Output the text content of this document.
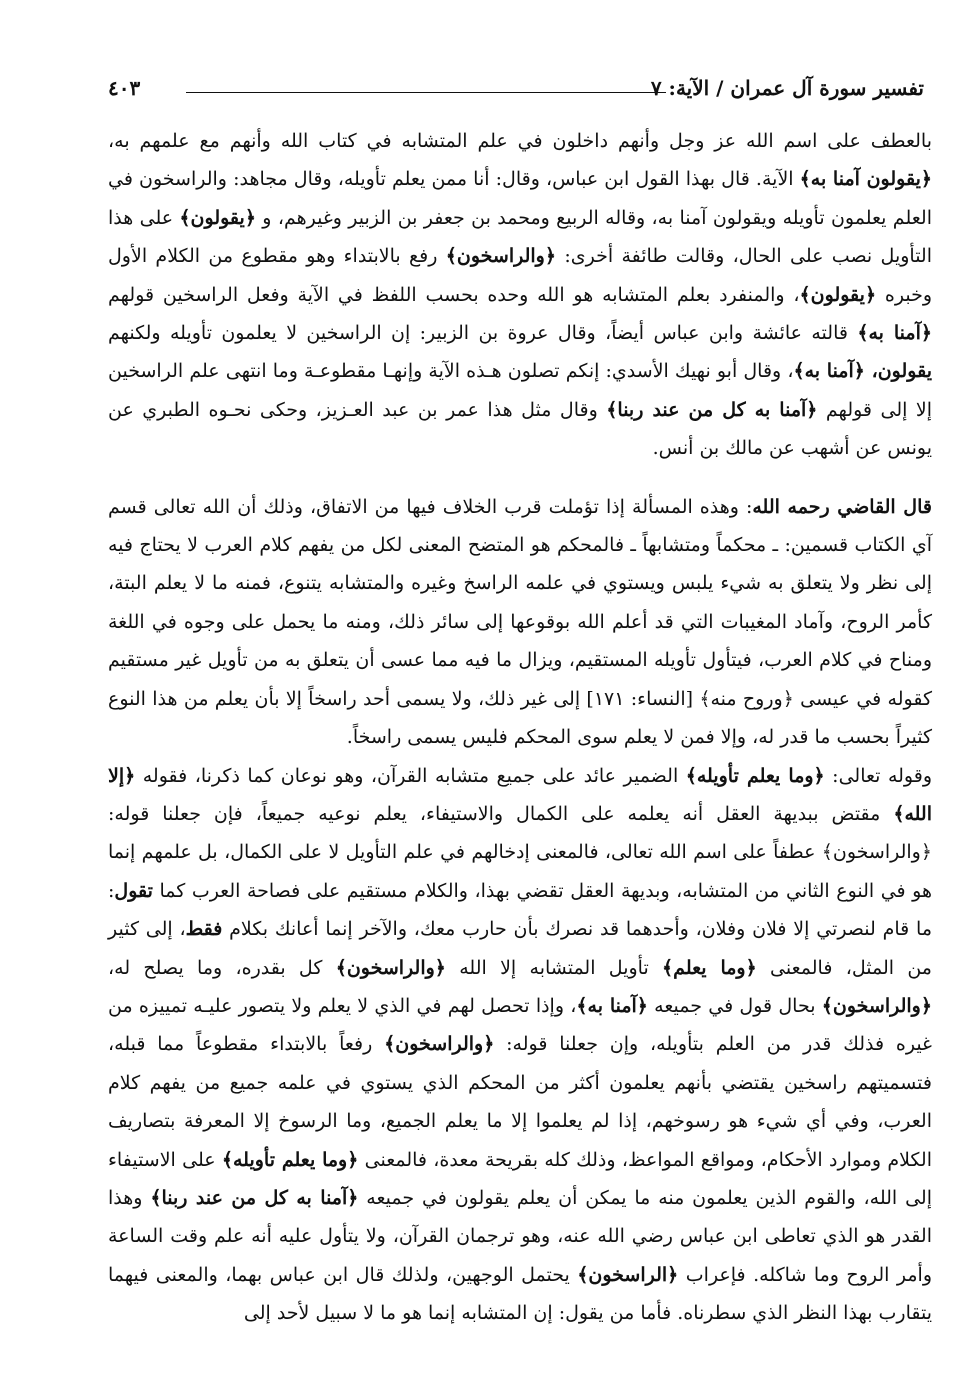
تفسير سورة آل عمران / الآية: ٧
٤٠٣

بالعطف على اسم الله عز وجل وأنهم داخلون في علم المتشابه في كتاب الله وأنهم مع علمهم به، ﴿يقولون آمنا به﴾ الآية. قال بهذا القول ابن عباس، وقال: أنا ممن يعلم تأويله، وقال مجاهد: والراسخون في العلم يعلمون تأويله ويقولون آمنا به، وقاله الربيع ومحمد بن جعفر بن الزبير وغيرهم، و ﴿يقولون﴾ على هذا التأويل نصب على الحال، وقالت طائفة أخرى: ﴿والراسخون﴾ رفع بالابتداء وهو مقطوع من الكلام الأول وخبره ﴿يقولون﴾، والمنفرد بعلم المتشابه هو الله وحده بحسب اللفظ في الآية وفعل الراسخين قولهم ﴿آمنا به﴾ قالته عائشة وابن عباس أيضاً، وقال عروة بن الزبير: إن الراسخين لا يعلمون تأويله ولكنهم يقولون، ﴿آمنا به﴾، وقال أبو نهيك الأسدي: إنكم تصلون هـذه الآية وإنهـا مقطوعـة وما انتهى علم الراسخين إلا إلى قولهم ﴿آمنا به كل من عند ربنا﴾ وقال مثل هذا عمر بن عبد العـزيز، وحكى نحـوه الطبري عن يونس عن أشهب عن مالك بن أنس.

قال القاضي رحمه الله: وهذه المسألة إذا تؤملت قرب الخلاف فيها من الاتفاق، وذلك أن الله تعالى قسم آي الكتاب قسمين: ـ محكماً ومتشابهاً ـ فالمحكم هو المتضح المعنى لكل من يفهم كلام العرب لا يحتاج فيه إلى نظر ولا يتعلق به شيء يلبس ويستوي في علمه الراسخ وغيره والمتشابه يتنوع، فمنه ما لا يعلم البتة، كأمر الروح، وآماد المغيبات التي قد أعلم الله بوقوعها إلى سائر ذلك، ومنه ما يحمل على وجوه في اللغة ومناح في كلام العرب، فيتأول تأويله المستقيم، ويزال ما فيه مما عسى أن يتعلق به من تأويل غير مستقيم كقوله في عيسى ﴿وروح منه﴾ [النساء: ١٧١] إلى غير ذلك، ولا يسمى أحد راسخاً إلا بأن يعلم من هذا النوع كثيراً بحسب ما قدر له، وإلا فمن لا يعلم سوى المحكم فليس يسمى راسخاً.

وقوله تعالى: ﴿وما يعلم تأويله﴾ الضمير عائد على جميع متشابه القرآن، وهو نوعان كما ذكرنا، فقوله ﴿إلا الله﴾ مقتض ببديهة العقل أنه يعلمه على الكمال والاستيفاء، يعلم نوعيه جميعاً، فإن جعلنا قوله: ﴿والراسخون﴾ عطفاً على اسم الله تعالى، فالمعنى إدخالهم في علم التأويل لا على الكمال، بل علمهم إنما هو في النوع الثاني من المتشابه، وبديهة العقل تقضي بهذا، والكلام مستقيم على فصاحة العرب كما تقول: ما قام لنصرتي إلا فلان وفلان، وأحدهما قد نصرك بأن حارب معك، والآخر إنما أعانك بكلام فقط، إلى كثير من المثل، فالمعنى ﴿وما يعلم﴾ تأويل المتشابه إلا الله ﴿والراسخون﴾ كل بقدره، وما يصلح له، ﴿والراسخون﴾ بحال قول في جميعه ﴿آمنا به﴾، وإذا تحصل لهم في الذي لا يعلم ولا يتصور عليـه تمييزه من غيره فذلك قدر من العلم بتأويله، وإن جعلنا قوله: ﴿والراسخون﴾ رفعاً بالابتداء مقطوعاً مما قبله، فتسميتهم راسخين يقتضي بأنهم يعلمون أكثر من المحكم الذي يستوي في علمه جميع من يفهم كلام العرب، وفي أي شيء هو رسوخهم، إذا لم يعلموا إلا ما يعلم الجميع، وما الرسوخ إلا المعرفة بتصاريف الكلام وموارد الأحكام، ومواقع المواعظ، وذلك كله بقريحة معدة، فالمعنى ﴿وما يعلم تأويله﴾ على الاستيفاء إلى الله، والقوم الذين يعلمون منه ما يمكن أن يعلم يقولون في جميعه ﴿آمنا به كل من عند ربنا﴾ وهذا القدر هو الذي تعاطى ابن عباس رضي الله عنه، وهو ترجمان القرآن، ولا يتأول عليه أنه علم وقت الساعة وأمر الروح وما شاكله. فإعراب ﴿الراسخون﴾ يحتمل الوجهين، ولذلك قال ابن عباس بهما، والمعنى فيهما يتقارب بهذا النظر الذي سطرناه. فأما من يقول: إن المتشابه إنما هو ما لا سبيل لأحد إلى
